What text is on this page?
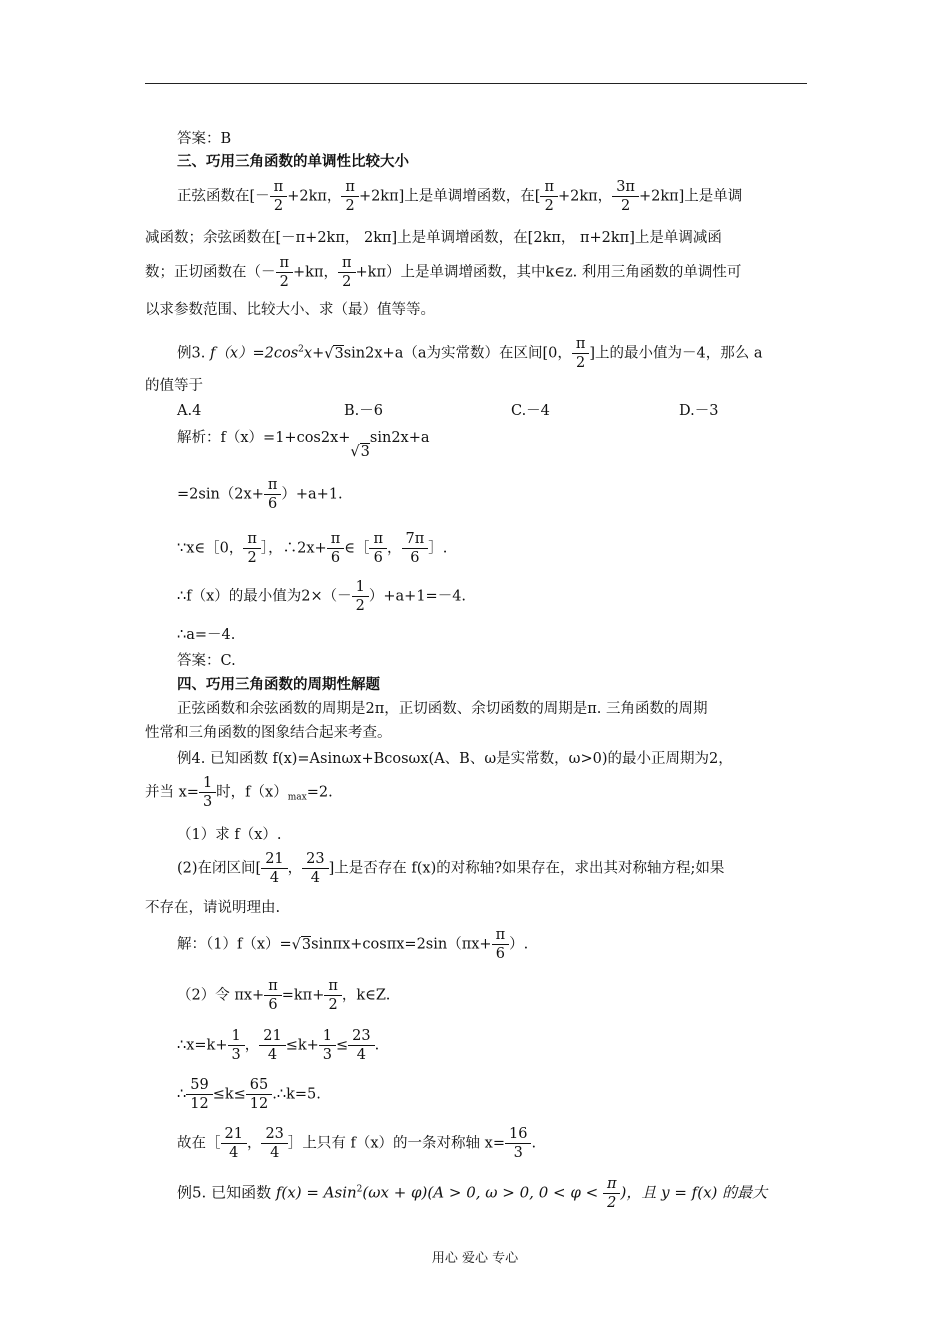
答案：B
三、巧用三角函数的单调性比较大小
正弦函数在[－ $\frac{\pi}{2} +2k\pi$， $\frac{\pi}{2} +2k\pi$]上是单调增函数，在[ $\frac{\pi}{2} +2k\pi$， $\frac{3\pi}{2} +2k\pi$]上是单调
减函数；余弦函数在[－π+2kπ， 2kπ]上是单调增函数，在[2kπ， π+2kπ]上是单调减函
数；正切函数在（－ $\frac{\pi}{2} +k\pi$， $\frac{\pi}{2} +k\pi$）上是单调增函数，其中k∈z. 利用三角函数的单调性可
以求参数范围、比较大小、求（最）值等等。
例3. $f(x)=2\cos^2x+√3\sin 2x+a(a$为实常数）在区间[0， $\frac{\pi}{2}$ ]上的最小值为－4，那么 a
的值等于
A.4	B.－6	C.－4	D.－3
解析：f（x）=1+cos2x+√3sin2x+a
$=2\sin(2x+ \frac{\pi}{6} )+a+1$.
∵x∈［0， $\frac{\pi}{2}$ ］，∴2x+ $\frac{\pi}{6}$ ∈［ $\frac{\pi}{6}$ ， $\frac{7\pi}{6}$ ］.
∴f（x）的最小值为$2\times(- \frac{1}{2} )+a+1=-4$.
∴a=－4.
答案：C.
四、巧用三角函数的周期性解题
正弦函数和余弦函数的周期是2π，正切函数、余切函数的周期是π. 三角函数的周期
性常和三角函数的图象结合起来考查。
例4. 已知函数 f(x)=Asinωx+Bcosωx(A、B、ω是实常数，ω>0)的最小正周期为2，
并当 $x= \frac{1}{3}$ 时，$f(x)_{max}=2$.
（1）求 f（x）.
(2)在闭区间[ $\frac{21}{4}$ ， $\frac{23}{4}$ ]上是否存在 f(x)的对称轴?如果存在，求出其对称轴方程;如果
不存在，请说明理由.
解：$(1)f(x)=√3\sin\pi x+\cos\pi x=2\sin(\pi x+ \frac{\pi}{6}$ ）.
（2）令 $\pi x+ \frac{\pi}{6} =k\pi+ \frac{\pi}{2}$ ，k∈Z.
∴x=k+ $\frac{1}{3}$ ， $\frac{21}{4} \le k+ \frac{1}{3} \le \frac{23}{4}$ .
∴ $\frac{59}{12} \le k\le \frac{65}{12}$ .∴k=5.
故在［ $\frac{21}{4}$ ， $\frac{23}{4}$ ］上只有 f（x）的一条对称轴 $x= \frac{16}{3}$ .
例5. 已知函数 f(x) = Asin$^2$(ωx + φ)(A > 0, ω > 0, $0 < \varphi < \frac{\pi}{2}$ )，且 y = f(x) 的最大
用心 爱心 专心
